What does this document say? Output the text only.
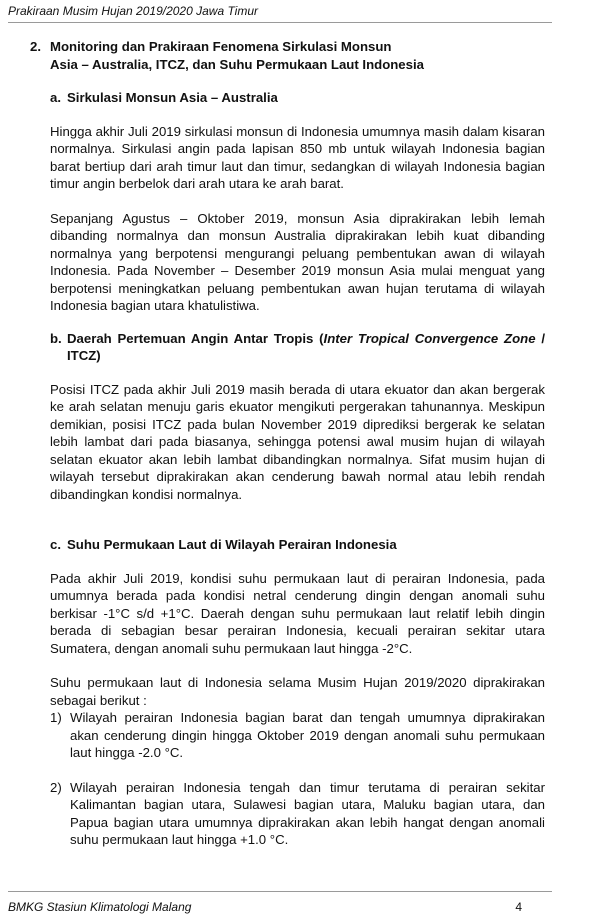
Prakiraan Musim Hujan 2019/2020 Jawa Timur
2. Monitoring dan Prakiraan Fenomena Sirkulasi Monsun
Asia – Australia, ITCZ, dan Suhu Permukaan Laut Indonesia
a. Sirkulasi Monsun Asia – Australia

Hingga akhir Juli 2019 sirkulasi monsun di Indonesia umumnya masih dalam kisaran normalnya. Sirkulasi angin pada lapisan 850 mb untuk wilayah Indonesia bagian barat bertiup dari arah timur laut dan timur, sedangkan di wilayah Indonesia bagian timur angin berbelok dari arah utara ke arah barat.

Sepanjang Agustus – Oktober 2019, monsun Asia diprakirakan lebih lemah dibanding normalnya dan monsun Australia diprakirakan lebih kuat dibanding normalnya yang berpotensi mengurangi peluang pembentukan awan di wilayah Indonesia. Pada November – Desember 2019 monsun Asia mulai menguat yang berpotensi meningkatkan peluang pembentukan awan hujan terutama di wilayah Indonesia bagian utara khatulistiwa.

b. Daerah Pertemuan Angin Antar Tropis (Inter Tropical Convergence Zone / ITCZ)

Posisi ITCZ pada akhir Juli 2019 masih berada di utara ekuator dan akan bergerak ke arah selatan menuju garis ekuator mengikuti pergerakan tahunannya. Meskipun demikian, posisi ITCZ pada bulan November 2019 diprediksi bergerak ke selatan lebih lambat dari pada biasanya, sehingga potensi awal musim hujan di wilayah selatan ekuator akan lebih lambat dibandingkan normalnya. Sifat musim hujan di wilayah tersebut diprakirakan akan cenderung bawah normal atau lebih rendah dibandingkan kondisi normalnya.

c. Suhu Permukaan Laut di Wilayah Perairan Indonesia

Pada akhir Juli 2019, kondisi suhu permukaan laut di perairan Indonesia, pada umumnya berada pada kondisi netral cenderung dingin dengan anomali suhu berkisar -1°C s/d +1°C. Daerah dengan suhu permukaan laut relatif lebih dingin berada di sebagian besar perairan Indonesia, kecuali perairan sekitar utara Sumatera, dengan anomali suhu permukaan laut hingga -2°C.

Suhu permukaan laut di Indonesia selama Musim Hujan 2019/2020 diprakirakan sebagai berikut :

1) Wilayah perairan Indonesia bagian barat dan tengah umumnya diprakirakan akan cenderung dingin hingga Oktober 2019 dengan anomali suhu permukaan laut hingga -2.0 °C.
2) Wilayah perairan Indonesia tengah dan timur terutama di perairan sekitar Kalimantan bagian utara, Sulawesi bagian utara, Maluku bagian utara, dan Papua bagian utara umumnya diprakirakan akan lebih hangat dengan anomali suhu permukaan laut hingga +1.0 °C.
BMKG Stasiun Klimatologi Malang	4
